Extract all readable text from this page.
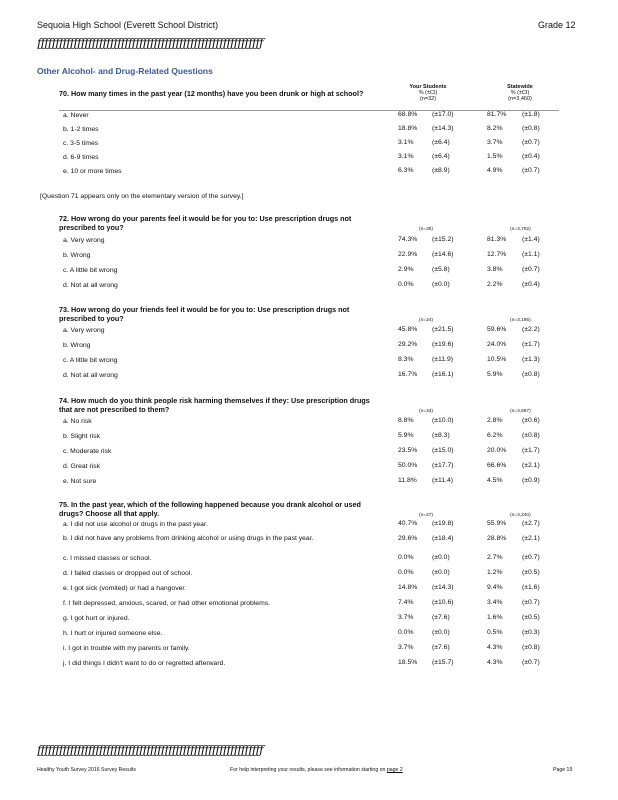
Sequoia High School (Everett School District)	Grade 12
ƒƒƒƒƒƒƒƒƒƒƒƒƒƒƒƒƒƒƒƒƒƒƒƒƒƒƒƒƒƒƒƒƒƒƒƒƒƒƒƒƒƒƒƒƒƒƒƒƒƒƒƒƒƒƒƒƒƒƒƒƒƒ
Other Alcohol- and Drug-Related Questions
Your Students
% (±CI)
(n=32)
Statewide
% (±CI)
(n=3,460)
70. How many times in the past year (12 months) have you been drunk or high at school?
a. Never	68.8% (±17.0)	81.7% (±1.8)
b. 1-2 times	18.8% (±14.3)	8.2%	(±0.8)
c. 3-5 times	3.1%	(±6.4)	3.7%	(±0.7)
d. 6-9 times	3.1%	(±6.4)	1.5%	(±0.4)
e. 10 or more times	6.3%	(±8.9)	4.9%	(±0.7)
[Question 71 appears only on the elementary version of the survey.]
72. How wrong do your parents feel it would be for you to: Use prescription drugs not prescribed to you?	(n=35)	(n=3,702)
a. Very wrong	74.3% (±15.2)	81.3% (±1.4)
b. Wrong	22.9% (±14.6)	12.7% (±1.1)
c. A little bit wrong	2.9%	(±5.8)	3.8%	(±0.7)
d. Not at all wrong	0.0%	(±0.0)	2.2%	(±0.4)
73. How wrong do your friends feel it would be for you to: Use prescription drugs not prescribed to you?	(n=24)	(n=3,195)
a. Very wrong	45.8% (±21.5)	59.6% (±2.2)
b. Wrong	29.2% (±19.6)	24.0% (±1.7)
c. A little bit wrong	8.3%	(±11.9)	10.5% (±1.3)
d. Not at all wrong	16.7% (±16.1)	5.9%	(±0.8)
74. How much do you think people risk harming themselves if they: Use prescription drugs that are not prescribed to them?	(n=34)	(n=3,687)
a. No risk	8.8%	(±10.0)	2.8%	(±0.6)
b. Slight risk	5.9%	(±8.3)	6.2%	(±0.8)
c. Moderate risk	23.5% (±15.0)	20.0% (±1.7)
d. Great risk	50.0% (±17.7)	66.6% (±2.1)
e. Not sure	11.8% (±11.4)	4.5%	(±0.9)
75. In the past year, which of the following happened because you drank alcohol or used drugs? Choose all that apply.	(n=27)	(n=3,240)
a. I did not use alcohol or drugs in the past year.	40.7% (±19.8)	55.9% (±2.7)
b. I did not have any problems from drinking alcohol or using drugs in the past year.	29.6% (±18.4)	28.8% (±2.1)
c. I missed classes or school.	0.0%	(±0.0)	2.7%	(±0.7)
d. I failed classes or dropped out of school.	0.0%	(±0.0)	1.2%	(±0.5)
e. I got sick (vomited) or had a hangover.	14.8% (±14.3)	9.4%	(±1.6)
f. I felt depressed, anxious, scared, or had other emotional problems.	7.4%	(±10.6)	3.4%	(±0.7)
g. I got hurt or injured.	3.7%	(±7.6)	1.6%	(±0.5)
h. I hurt or injured someone else.	0.0%	(±0.0)	0.5%	(±0.3)
i. I got in trouble with my parents or family.	3.7%	(±7.6)	4.3%	(±0.8)
j. I did things I didn't want to do or regretted afterward.	18.5% (±15.7)	4.3%	(±0.7)
ƒƒƒƒƒƒƒƒƒƒƒƒƒƒƒƒƒƒƒƒƒƒƒƒƒƒƒƒƒƒƒƒƒƒƒƒƒƒƒƒƒƒƒƒƒƒƒƒƒƒƒƒƒƒƒƒƒƒƒƒƒƒ
Healthy Youth Survey 2016 Survey Results	For help interpreting your results, please see information starting on page 2	Page 19
